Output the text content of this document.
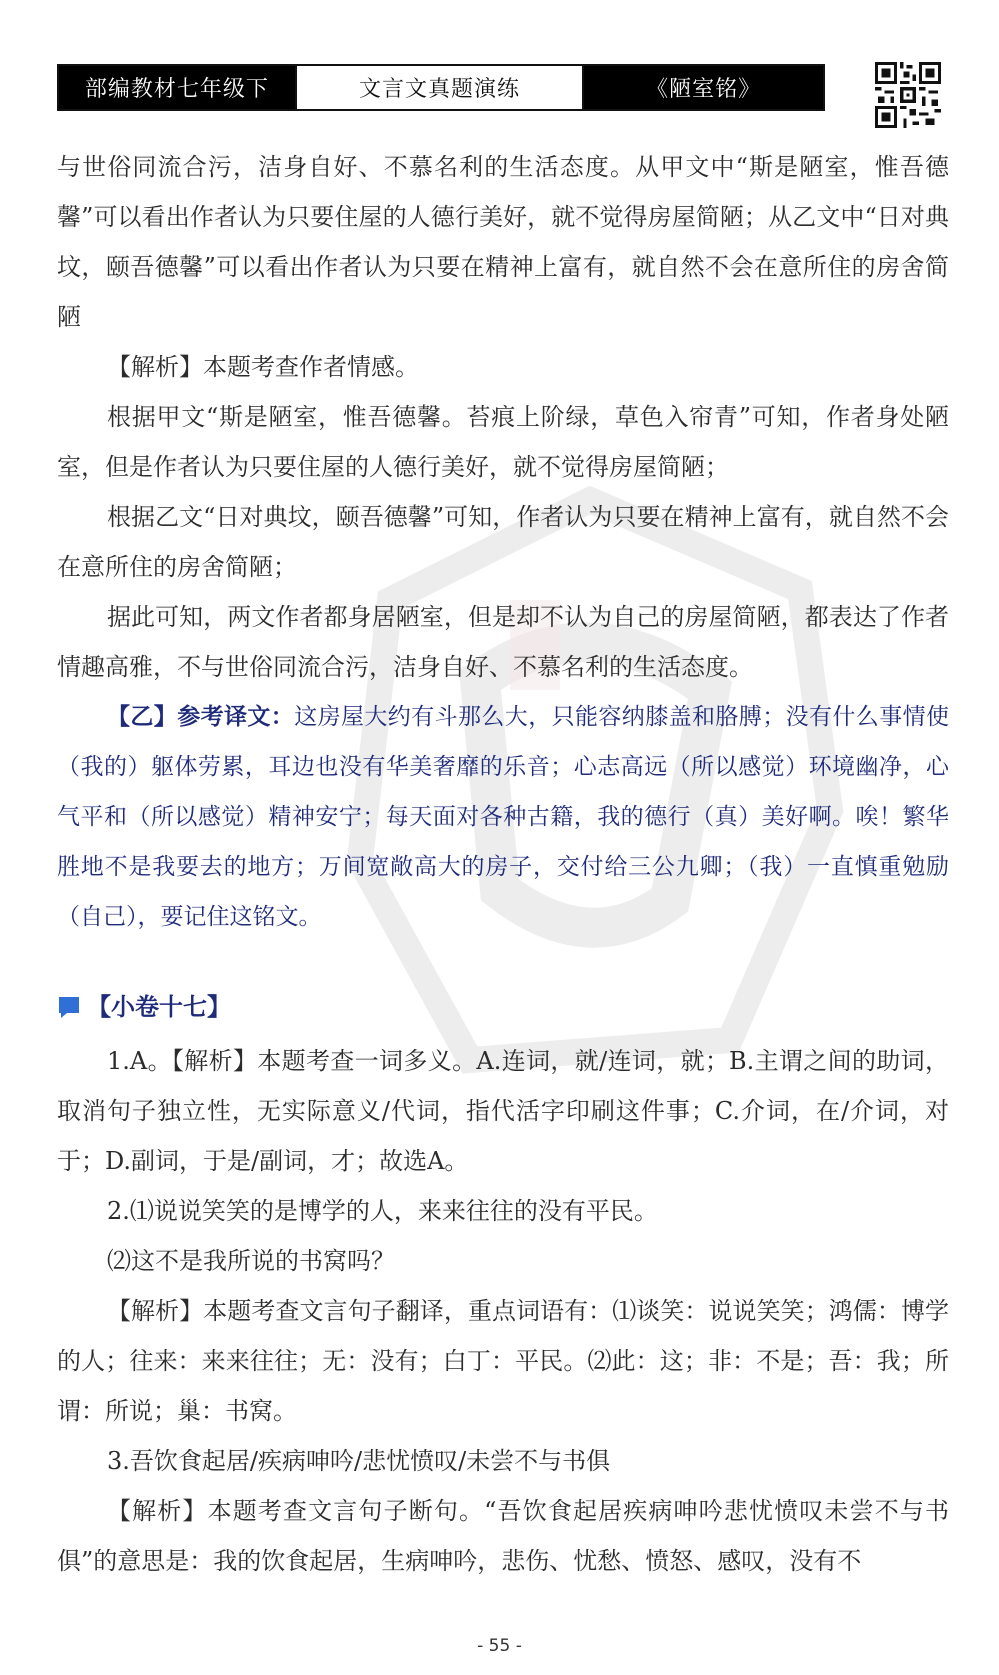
部编教材七年级下	文言文真题演练	《陋室铭》

与世俗同流合污，洁身自好、不慕名利的生活态度。从甲文中“斯是陋室，惟吾德馨”可以看出作者认为只要住屋的人德行美好，就不觉得房屋简陋；从乙文中“日对典坟，颐吾德馨”可以看出作者认为只要在精神上富有，就自然不会在意所住的房舍简陋

【解析】本题考查作者情感。

根据甲文“斯是陋室，惟吾德馨。苔痕上阶绿，草色入帘青”可知，作者身处陋室，但是作者认为只要住屋的人德行美好，就不觉得房屋简陋；

根据乙文“日对典坟，颐吾德馨”可知，作者认为只要在精神上富有，就自然不会在意所住的房舍简陋；

据此可知，两文作者都身居陋室，但是却不认为自己的房屋简陋，都表达了作者情趣高雅，不与世俗同流合污，洁身自好、不慕名利的生活态度。

【乙】参考译文：这房屋大约有斗那么大，只能容纳膝盖和胳膊；没有什么事情使（我的）躯体劳累，耳边也没有华美奢靡的乐音；心志高远（所以感觉）环境幽净，心气平和（所以感觉）精神安宁；每天面对各种古籍，我的德行（真）美好啊。唉！繁华胜地不是我要去的地方；万间宽敞高大的房子，交付给三公九卿；（我）一直慎重勉励（自己），要记住这铭文。

【小卷十七】

1.A。【解析】本题考查一词多义。A.连词，就/连词，就；B.主谓之间的助词，取消句子独立性，无实际意义/代词，指代活字印刷这件事；C.介词，在/介词，对于；D.副词，于是/副词，才；故选A。

2.⑴说说笑笑的是博学的人，来来往往的没有平民。

⑵这不是我所说的书窝吗？

【解析】本题考查文言句子翻译，重点词语有：⑴谈笑：说说笑笑；鸿儒：博学的人；往来：来来往往；无：没有；白丁：平民。⑵此：这；非：不是；吾：我；所谓：所说；巢：书窝。

3.吾饮食起居/疾病呻吟/悲忧愤叹/未尝不与书俱

【解析】本题考查文言句子断句。“吾饮食起居疾病呻吟悲忧愤叹未尝不与书俱”的意思是：我的饮食起居，生病呻吟，悲伤、忧愁、愤怒、感叹，没有不

- 55 -
